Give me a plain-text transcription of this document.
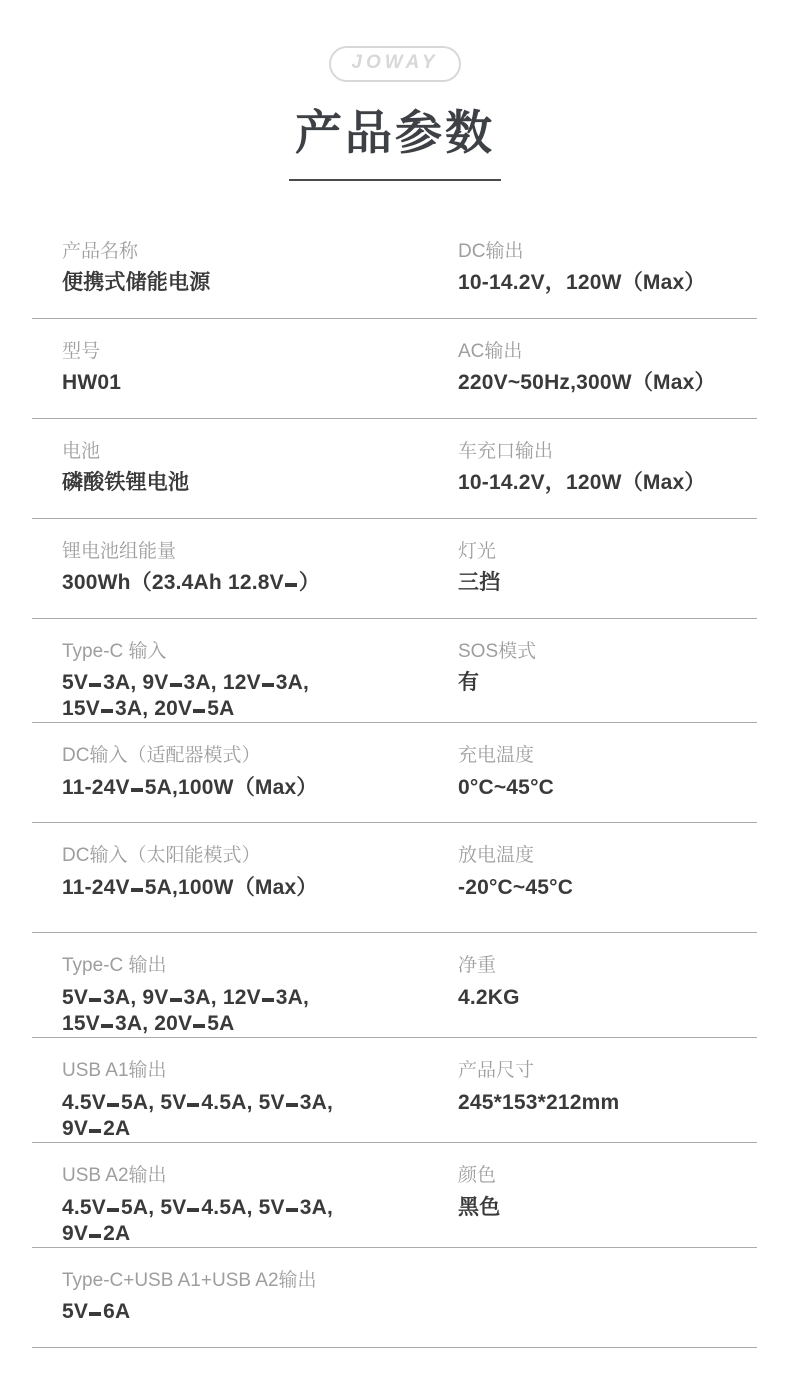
JOWAY
产品参数
产品名称
便携式储能电源
DC输出
10-14.2V，120W（Max）
型号
HW01
AC输出
220V~50Hz,300W（Max）
电池
磷酸铁锂电池
车充口输出
10-14.2V，120W（Max）
锂电池组能量
300Wh（23.4Ah 12.8V ）
灯光
三挡
Type-C 输入
5V 3A, 9V 3A, 12V 3A,
15V 3A, 20V 5A
SOS模式
有
DC输入（适配器模式）
11-24V 5A,100W（Max）
充电温度
0°C~45°C
DC输入（太阳能模式）
11-24V 5A,100W（Max）
放电温度
-20°C~45°C
Type-C 输出
5V 3A, 9V 3A, 12V 3A,
15V 3A, 20V 5A
净重
4.2KG
USB A1输出
4.5V 5A, 5V 4.5A, 5V 3A,
9V 2A
产品尺寸
245*153*212mm
USB A2输出
4.5V 5A, 5V 4.5A, 5V 3A,
9V 2A
颜色
黑色
Type-C+USB A1+USB A2输出
5V 6A
